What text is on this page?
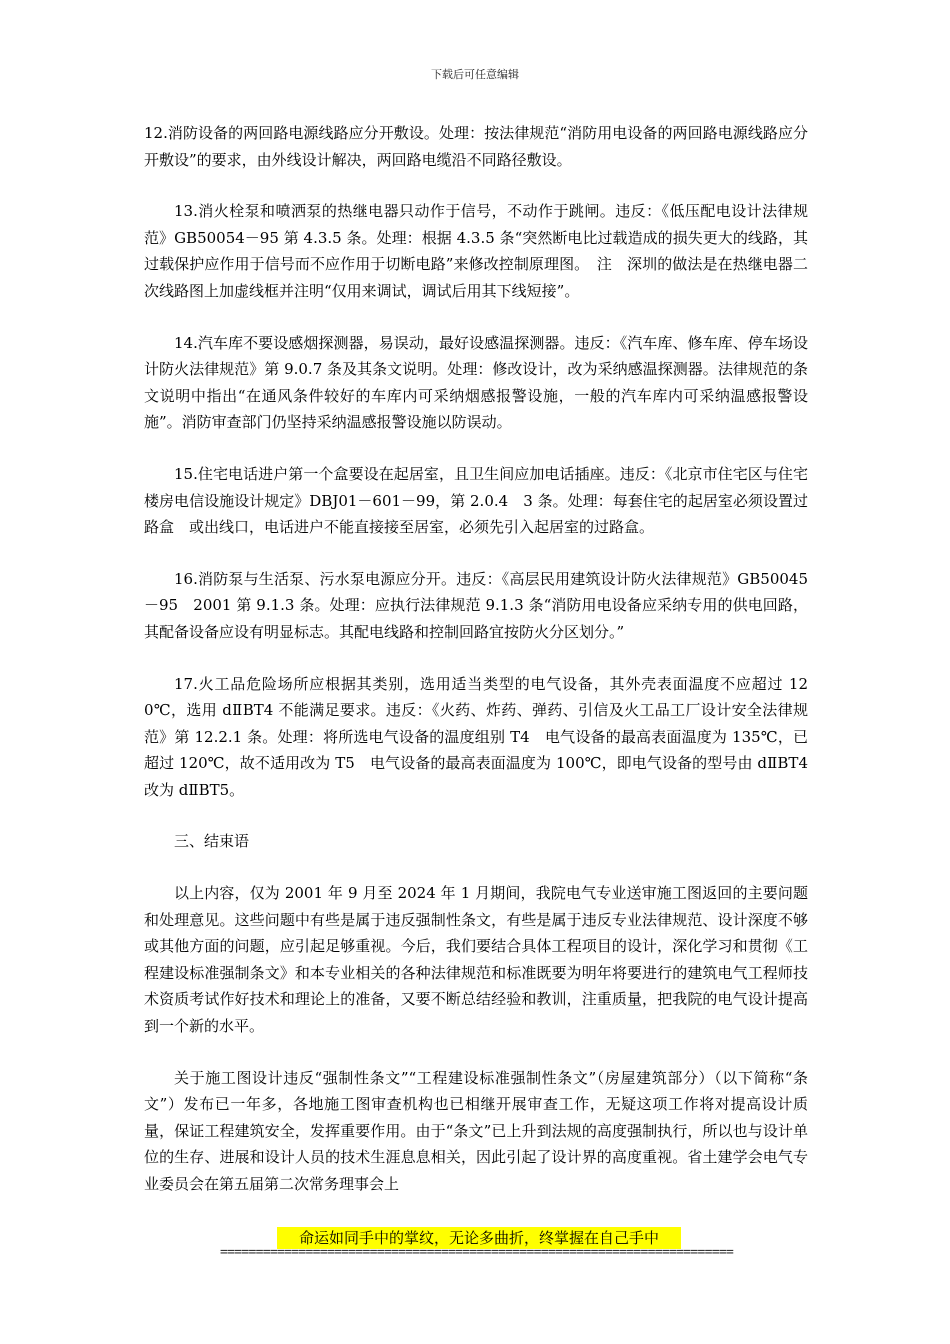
下载后可任意编辑

12.消防设备的两回路电源线路应分开敷设。处理：按法律规范“消防用电设备的两回路电源线路应分开敷设”的要求，由外线设计解决，两回路电缆沿不同路径敷设。

13.消火栓泵和喷洒泵的热继电器只动作于信号，不动作于跳闸。违反：《低压配电设计法律规范》GB50054－95 第 4.3.5 条。处理：根据 4.3.5 条“突然断电比过载造成的损失更大的线路，其过载保护应作用于信号而不应作用于切断电路”来修改控制原理图。　注　深圳的做法是在热继电器二次线路图上加虚线框并注明“仅用来调试，调试后用其下线短接”。

14.汽车库不要设感烟探测器，易误动，最好设感温探测器。违反：《汽车库、修车库、停车场设计防火法律规范》第 9.0.7 条及其条文说明。处理：修改设计，改为采纳感温探测器。法律规范的条文说明中指出“在通风条件较好的车库内可采纳烟感报警设施，一般的汽车库内可采纳温感报警设施”。消防审查部门仍坚持采纳温感报警设施以防误动。

15.住宅电话进户第一个盒要设在起居室，且卫生间应加电话插座。违反：《北京市住宅区与住宅楼房电信设施设计规定》DBJ01－601－99，第 2.0.4　3 条。处理：每套住宅的起居室必须设置过路盒　或出线口，电话进户不能直接接至居室，必须先引入起居室的过路盒。

16.消防泵与生活泵、污水泵电源应分开。违反：《高层民用建筑设计防火法律规范》GB50045－95　2001 第 9.1.3 条。处理：应执行法律规范 9.1.3 条“消防用电设备应采纳专用的供电回路，其配备设备应设有明显标志。其配电线路和控制回路宜按防火分区划分。”

17.火工品危险场所应根据其类别，选用适当类型的电气设备，其外壳表面温度不应超过 120℃，选用 dⅡBT4 不能满足要求。违反：《火药、炸药、弹药、引信及火工品工厂设计安全法律规范》第 12.2.1 条。处理：将所选电气设备的温度组别 T4　电气设备的最高表面温度为 135℃，已超过 120℃，故不适用改为 T5　电气设备的最高表面温度为 100℃，即电气设备的型号由 dⅡBT4 改为 dⅡBT5。

三、结束语

以上内容，仅为 2001 年 9 月至 2024 年 1 月期间，我院电气专业送审施工图返回的主要问题和处理意见。这些问题中有些是属于违反强制性条文，有些是属于违反专业法律规范、设计深度不够或其他方面的问题，应引起足够重视。今后，我们要结合具体工程项目的设计，深化学习和贯彻《工程建设标准强制条文》和本专业相关的各种法律规范和标准既要为明年将要进行的建筑电气工程师技术资质考试作好技术和理论上的准备，又要不断总结经验和教训，注重质量，把我院的电气设计提高到一个新的水平。

关于施工图设计违反“强制性条文”“工程建设标准强制性条文”（房屋建筑部分）（以下简称“条文”）发布已一年多，各地施工图审查机构也已相继开展审查工作，无疑这项工作将对提高设计质量，保证工程建筑安全，发挥重要作用。由于“条文”已上升到法规的高度强制执行，所以也与设计单位的生存、进展和设计人员的技术生涯息息相关，因此引起了设计界的高度重视。省土建学会电气专业委员会在第五届第二次常务理事会上

命运如同手中的掌纹，无论多曲折，终掌握在自己手中
========================================================================
